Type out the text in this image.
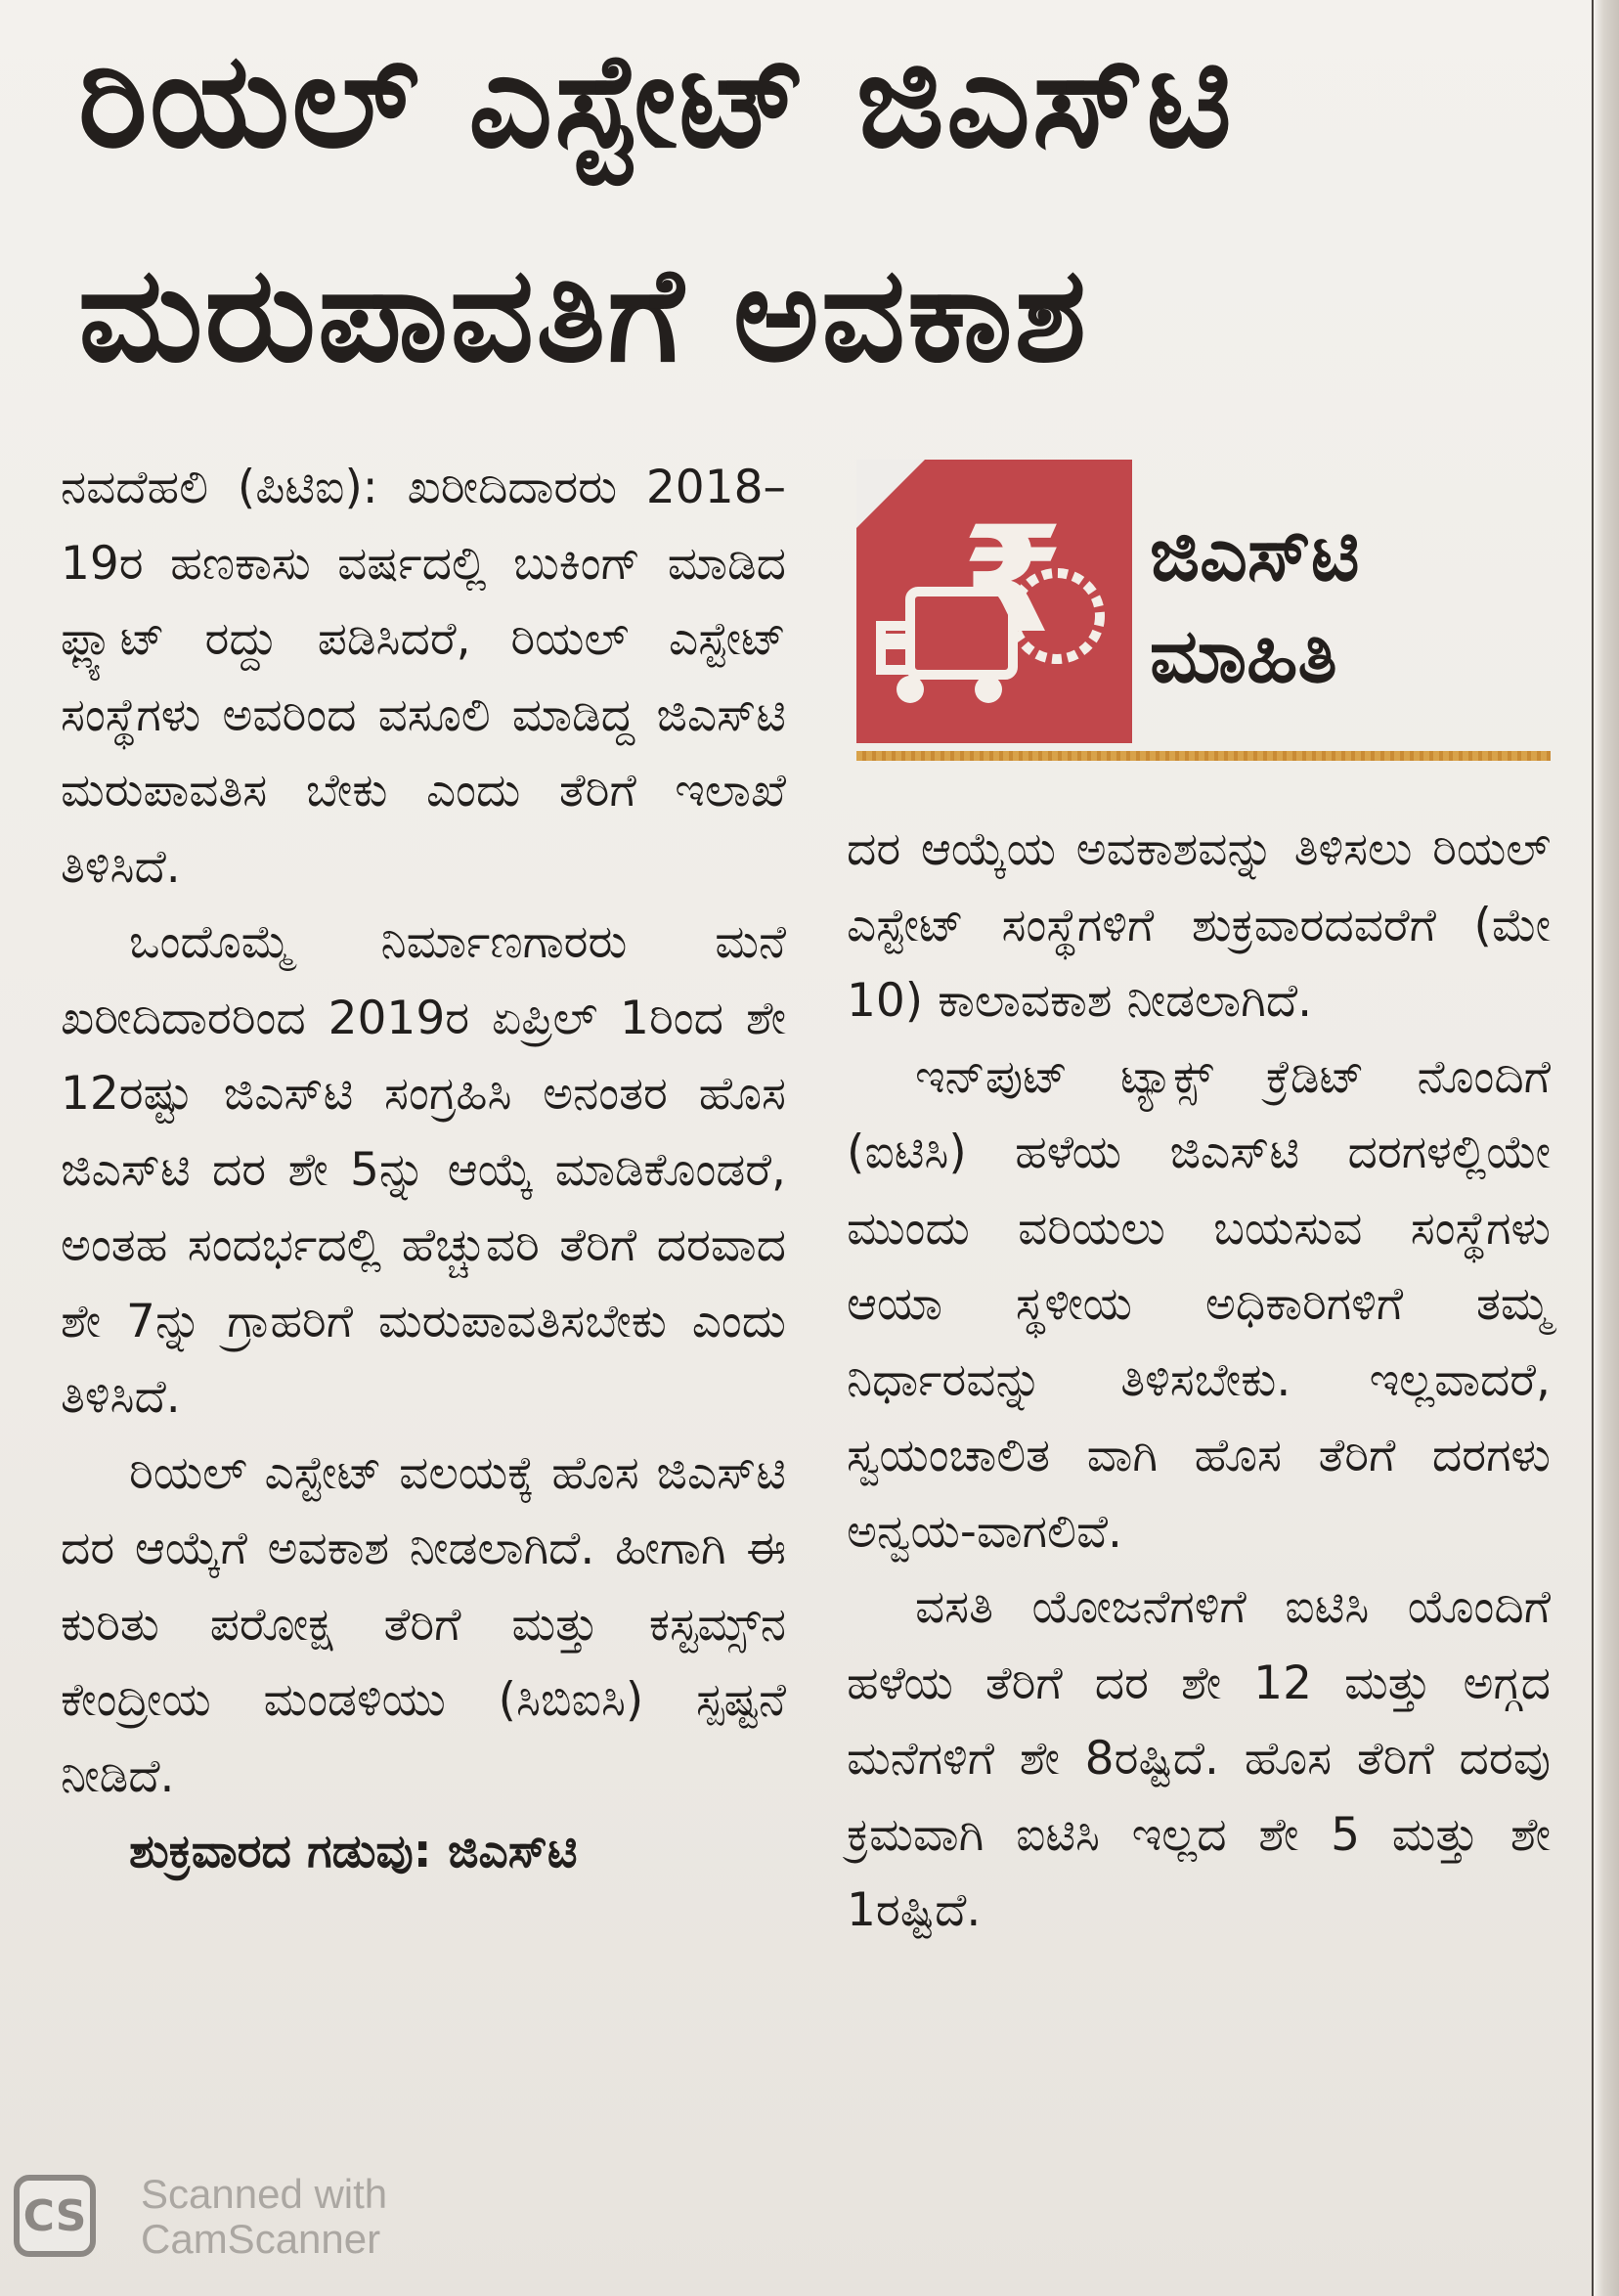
ರಿಯಲ್ ಎಸ್ಟೇಟ್ ಜಿಎಸ್‌ಟಿ
ಮರುಪಾವತಿಗೆ ಅವಕಾಶ

ನವದೆಹಲಿ (ಪಿಟಿಐ): ಖರೀದಿದಾರರು 2018–19ರ ಹಣಕಾಸು ವರ್ಷದಲ್ಲಿ ಬುಕಿಂಗ್ ಮಾಡಿದ ಫ್ಲ್ಯಾಟ್ ರದ್ದು ಪಡಿಸಿದರೆ, ರಿಯಲ್ ಎಸ್ಟೇಟ್ ಸಂಸ್ಥೆಗಳು ಅವರಿಂದ ವಸೂಲಿ ಮಾಡಿದ್ದ ಜಿಎಸ್‌ಟಿ ಮರುಪಾವತಿಸ ಬೇಕು ಎಂದು ತೆರಿಗೆ ಇಲಾಖೆ ತಿಳಿಸಿದೆ.

ಒಂದೊಮ್ಮೆ ನಿರ್ಮಾಣಗಾರರು ಮನೆ ಖರೀದಿದಾರರಿಂದ 2019ರ ಏಪ್ರಿಲ್ 1ರಿಂದ ಶೇ 12ರಷ್ಟು ಜಿಎಸ್‌ಟಿ ಸಂಗ್ರಹಿಸಿ ಅನಂತರ ಹೊಸ ಜಿಎಸ್‌ಟಿ ದರ ಶೇ 5ನ್ನು ಆಯ್ಕೆ ಮಾಡಿಕೊಂಡರೆ, ಅಂತಹ ಸಂದರ್ಭದಲ್ಲಿ ಹೆಚ್ಚುವರಿ ತೆರಿಗೆ ದರವಾದ ಶೇ 7ನ್ನು ಗ್ರಾಹರಿಗೆ ಮರುಪಾವತಿಸಬೇಕು ಎಂದು ತಿಳಿಸಿದೆ.

ರಿಯಲ್ ಎಸ್ಟೇಟ್ ವಲಯಕ್ಕೆ ಹೊಸ ಜಿಎಸ್‌ಟಿ ದರ ಆಯ್ಕೆಗೆ ಅವಕಾಶ ನೀಡಲಾಗಿದೆ. ಹೀಗಾಗಿ ಈ ಕುರಿತು ಪರೋಕ್ಷ ತೆರಿಗೆ ಮತ್ತು ಕಸ್ಟಮ್ಸ್‌ನ ಕೇಂದ್ರೀಯ ಮಂಡಳಿಯು (ಸಿಬಿಐಸಿ) ಸ್ಪಷ್ಟನೆ ನೀಡಿದೆ.

ಶುಕ್ರವಾರದ ಗಡುವು: ಜಿಎಸ್‌ಟಿ

₹ ಜಿಎಸ್‌ಟಿ
ಮಾಹಿತಿ

ದರ ಆಯ್ಕೆಯ ಅವಕಾಶವನ್ನು ತಿಳಿಸಲು ರಿಯಲ್ ಎಸ್ಟೇಟ್ ಸಂಸ್ಥೆಗಳಿಗೆ ಶುಕ್ರವಾರದವರೆಗೆ (ಮೇ 10) ಕಾಲಾವಕಾಶ ನೀಡಲಾಗಿದೆ.

ಇನ್‌ಪುಟ್ ಟ್ಯಾಕ್ಸ್ ಕ್ರೆಡಿಟ್ ನೊಂದಿಗೆ (ಐಟಿಸಿ) ಹಳೆಯ ಜಿಎಸ್‌ಟಿ ದರಗಳಲ್ಲಿಯೇ ಮುಂದು ವರಿಯಲು ಬಯಸುವ ಸಂಸ್ಥೆಗಳು ಆಯಾ ಸ್ಥಳೀಯ ಅಧಿಕಾರಿಗಳಿಗೆ ತಮ್ಮ ನಿರ್ಧಾರವನ್ನು ತಿಳಿಸಬೇಕು. ಇಲ್ಲವಾದರೆ, ಸ್ವಯಂಚಾಲಿತ ವಾಗಿ ಹೊಸ ತೆರಿಗೆ ದರಗಳು ಅನ್ವಯ-ವಾಗಲಿವೆ.

ವಸತಿ ಯೋಜನೆಗಳಿಗೆ ಐಟಿಸಿ ಯೊಂದಿಗೆ ಹಳೆಯ ತೆರಿಗೆ ದರ ಶೇ 12 ಮತ್ತು ಅಗ್ಗದ ಮನೆಗಳಿಗೆ ಶೇ 8ರಷ್ಟಿದೆ. ಹೊಸ ತೆರಿಗೆ ದರವು ಕ್ರಮವಾಗಿ ಐಟಿಸಿ ಇಲ್ಲದ ಶೇ 5 ಮತ್ತು ಶೇ 1ರಷ್ಟಿದೆ.

CS Scanned with
CamScanner
